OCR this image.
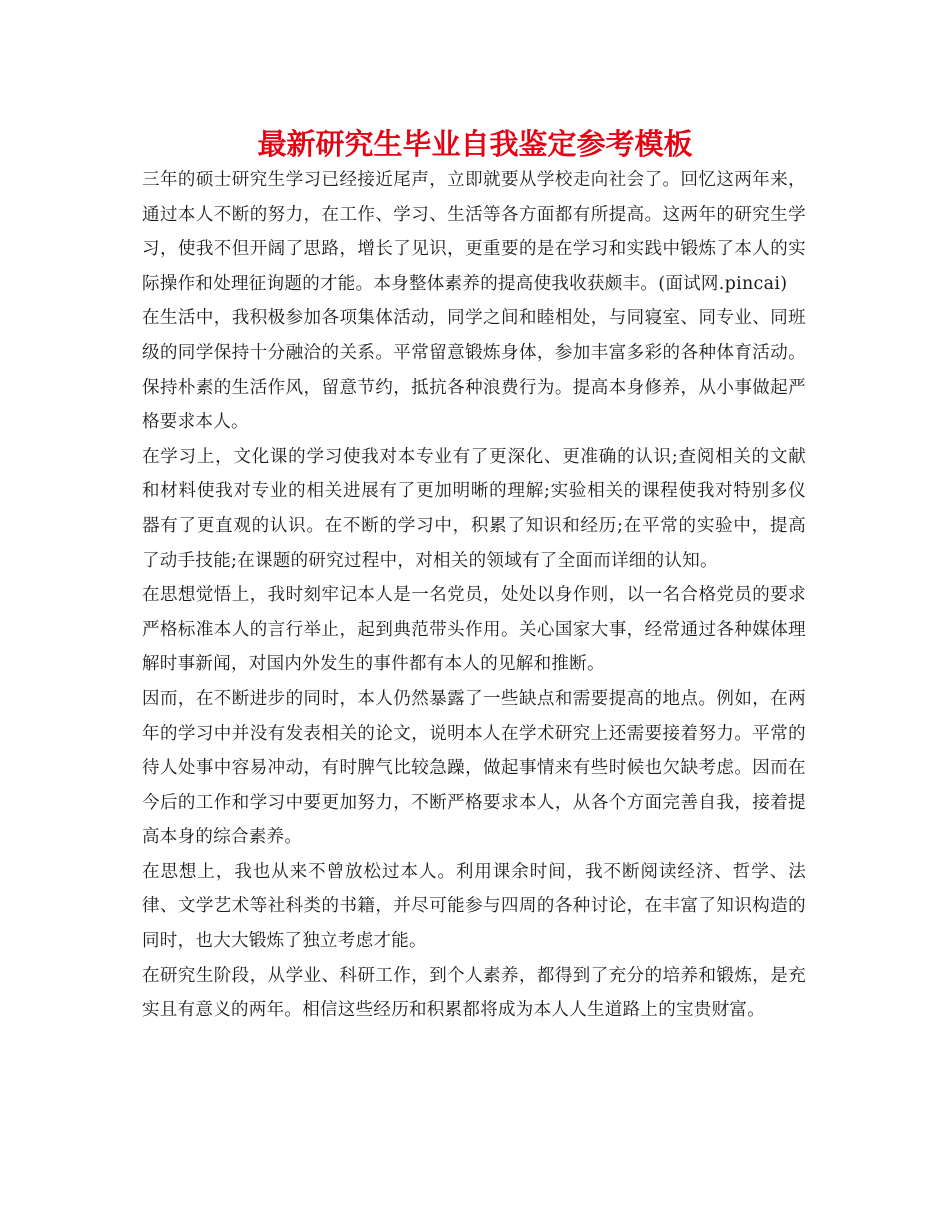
最新研究生毕业自我鉴定参考模板

三年的硕士研究生学习已经接近尾声，立即就要从学校走向社会了。回忆这两年来，通过本人不断的努力，在工作、学习、生活等各方面都有所提高。这两年的研究生学习，使我不但开阔了思路，增长了见识，更重要的是在学习和实践中锻炼了本人的实际操作和处理征询题的才能。本身整体素养的提高使我收获颇丰。(面试网.pincai)

在生活中，我积极参加各项集体活动，同学之间和睦相处，与同寝室、同专业、同班级的同学保持十分融洽的关系。平常留意锻炼身体，参加丰富多彩的各种体育活动。保持朴素的生活作风，留意节约，抵抗各种浪费行为。提高本身修养，从小事做起严格要求本人。

在学习上，文化课的学习使我对本专业有了更深化、更准确的认识;查阅相关的文献和材料使我对专业的相关进展有了更加明晰的理解;实验相关的课程使我对特别多仪器有了更直观的认识。在不断的学习中，积累了知识和经历;在平常的实验中，提高了动手技能;在课题的研究过程中，对相关的领域有了全面而详细的认知。

在思想觉悟上，我时刻牢记本人是一名党员，处处以身作则，以一名合格党员的要求严格标准本人的言行举止，起到典范带头作用。关心国家大事，经常通过各种媒体理解时事新闻，对国内外发生的事件都有本人的见解和推断。

因而，在不断进步的同时，本人仍然暴露了一些缺点和需要提高的地点。例如，在两年的学习中并没有发表相关的论文，说明本人在学术研究上还需要接着努力。平常的待人处事中容易冲动，有时脾气比较急躁，做起事情来有些时候也欠缺考虑。因而在今后的工作和学习中要更加努力，不断严格要求本人，从各个方面完善自我，接着提高本身的综合素养。

在思想上，我也从来不曾放松过本人。利用课余时间，我不断阅读经济、哲学、法律、文学艺术等社科类的书籍，并尽可能参与四周的各种讨论，在丰富了知识构造的同时，也大大锻炼了独立考虑才能。

在研究生阶段，从学业、科研工作，到个人素养，都得到了充分的培养和锻炼，是充实且有意义的两年。相信这些经历和积累都将成为本人人生道路上的宝贵财富。
